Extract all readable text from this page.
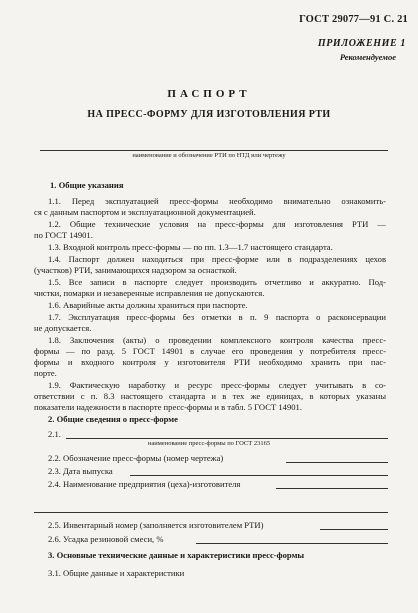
ГОСТ 29077—91 С. 21
ПРИЛОЖЕНИЕ 1
Рекомендуемое
ПАСПОРТ
НА ПРЕСС-ФОРМУ ДЛЯ ИЗГОТОВЛЕНИЯ РТИ
наименование и обозначение РТИ по НТД или чертежу
1. Общие указания
1.1. Перед эксплуатацией пресс-формы необходимо внимательно ознакомить-
ся с данным паспортом и эксплуатационной документацией.
1.2. Общие технические условия на пресс-формы для изготовления РТИ —
по ГОСТ 14901.
1.3. Входной контроль пресс-формы — по пп. 1.3—1.7 настоящего стандарта.
1.4. Паспорт должен находиться при пресс-форме или в подразделениях цехов
(участков) РТИ, занимающихся надзором за оснасткой.
1.5. Все записи в паспорте следует производить отчетливо и аккуратно. Под-
чистки, помарки и незаверенные исправления не допускаются.
1.6. Аварийные акты должны храниться при паспорте.
1.7. Эксплуатация пресс-формы без отметки в п. 9 паспорта о расконсервации
не допускается.
1.8. Заключения (акты) о проведении комплексного контроля качества пресс-
формы — по разд. 5 ГОСТ 14901 в случае его проведения у потребителя пресс-
формы и входного контроля у изготовителя РТИ необходимо хранить при пас-
порте.
1.9. Фактическую наработку и ресурс пресс-формы следует учитывать в со-
ответствии с п. 8.3 настоящего стандарта и в тех же единицах, в которых указаны
показатели надежности в паспорте пресс-формы и в табл. 5 ГОСТ 14901.
2. Общие сведения о пресс-форме
2.1.
наименование пресс-формы по ГОСТ 23165
2.2. Обозначение пресс-формы (номер чертежа)
2.3. Дата выпуска
2.4. Наименование предприятия (цеха)-изготовителя
2.5. Инвентарный номер (заполняется изготовителем РТИ)
2.6. Усадка резиновой смеси, %
3. Основные технические данные и характеристики пресс-формы
3.1. Общие данные и характеристики
